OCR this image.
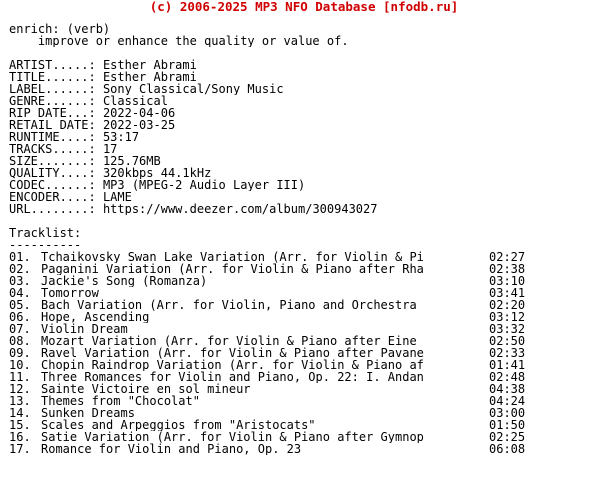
(c) 2006-2025 MP3 NFO Database [nfodb.ru]
enrich: (verb)
improve or enhance the quality or value of.
ARTIST.....: Esther Abrami
TITLE......: Esther Abrami
LABEL......: Sony Classical/Sony Music
GENRE......: Classical
RIP DATE...: 2022-04-06
RETAIL DATE: 2022-03-25
RUNTIME....: 53:17
TRACKS.....: 17
SIZE.......: 125.76MB
QUALITY....: 320kbps 44.1kHz
CODEC......: MP3 (MPEG-2 Audio Layer III)
ENCODER....: LAME
URL........: https://www.deezer.com/album/300943027
Tracklist:
----------
01. Tchaikovsky Swan Lake Variation (Arr. for Violin & Pi	02:27
02. Paganini Variation (Arr. for Violin & Piano after Rha	02:38
03. Jackie's Song (Romanza)	03:10
04. Tomorrow	03:41
05. Bach Variation (Arr. for Violin, Piano and Orchestra	02:20
06. Hope, Ascending	03:12
07. Violin Dream	03:32
08. Mozart Variation (Arr. for Violin & Piano after Eine	02:50
09. Ravel Variation (Arr. for Violin & Piano after Pavane	02:33
10. Chopin Raindrop Variation (Arr. for Violin & Piano af	01:41
11. Three Romances for Violin and Piano, Op. 22: I. Andan	02:48
12. Sainte Victoire en sol mineur	04:38
13. Themes from "Chocolat"	04:24
14. Sunken Dreams	03:00
15. Scales and Arpeggios from "Aristocats"	01:50
16. Satie Variation (Arr. for Violin & Piano after Gymnop	02:25
17. Romance for Violin and Piano, Op. 23	06:08
